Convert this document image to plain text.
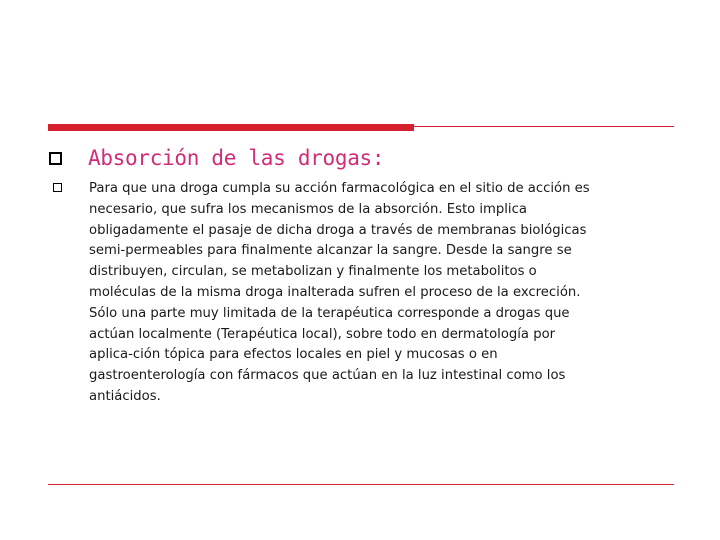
Absorción de las drogas:
Para que una droga cumpla su acción farmacológica en el sitio de acción es
necesario, que sufra los mecanismos de la absorción. Esto implica
obligadamente el pasaje de dicha droga a través de membranas biológicas
semi-permeables para finalmente alcanzar la sangre. Desde la sangre se
distribuyen, circulan, se metabolizan y finalmente los metabolitos o
moléculas de la misma droga inalterada sufren el proceso de la excreción.
Sólo una parte muy limitada de la terapéutica corresponde a drogas que
actúan localmente (Terapéutica local), sobre todo en dermatología por
aplica-ción tópica para efectos locales en piel y mucosas o en
gastroenterología con fármacos que actúan en la luz intestinal como los
antiácidos.
